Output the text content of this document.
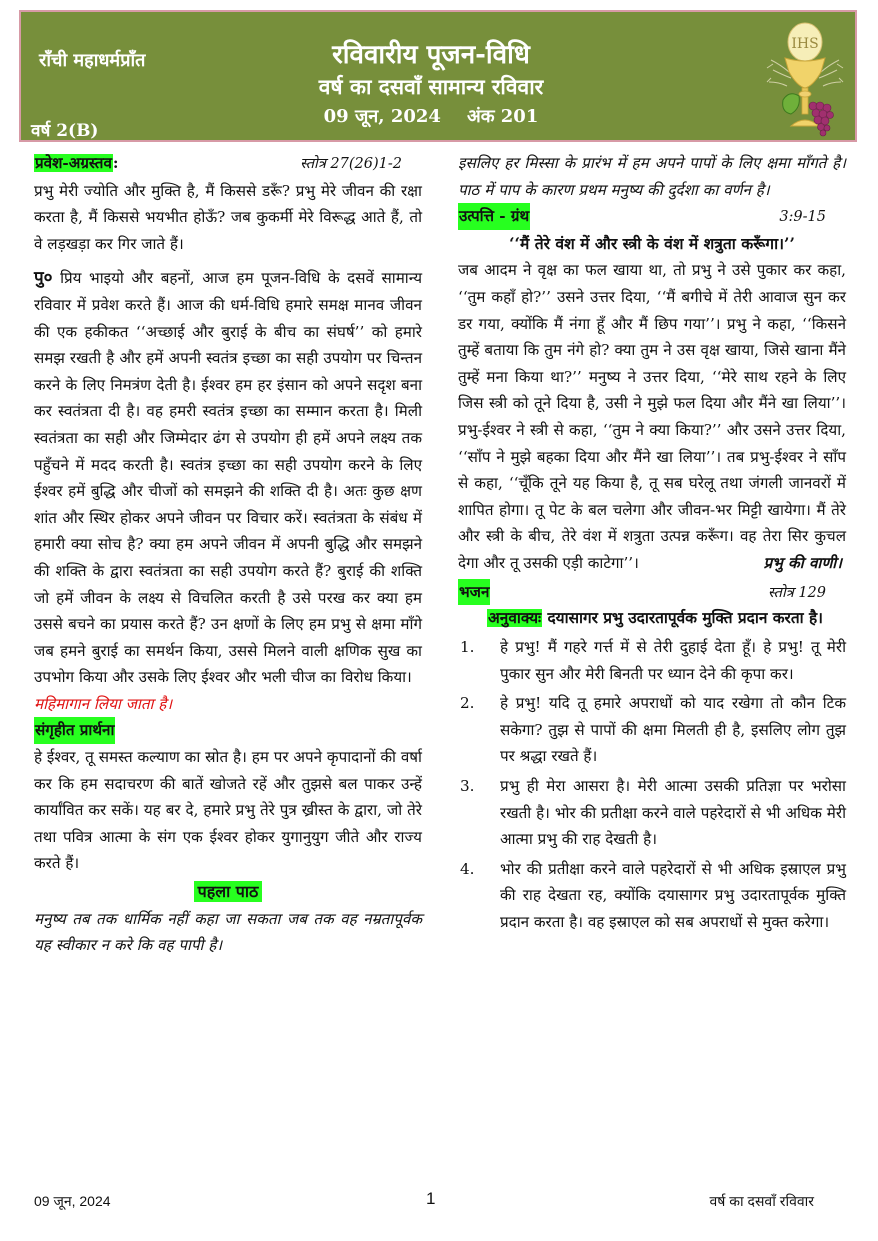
राँची महाधर्मप्राँत
वर्ष 2(B)
रविवारीय पूजन-विधि
वर्ष का दसवाँ सामान्य रविवार
09 जून, 2024 अंक 201
IHS
प्रवेश-अग्रस्तव:	स्तोत्र 27(26)1-2

प्रभु मेरी ज्योति और मुक्ति है, मैं किससे डरूँ? प्रभु मेरे जीवन की रक्षा करता है, मैं किससे भयभीत होऊँ? जब कुकर्मी मेरे विरूद्ध आते हैं, तो वे लड़खड़ा कर गिर जाते हैं।

पु० प्रिय भाइयो और बहनों, आज हम पूजन-विधि के दसवें सामान्य रविवार में प्रवेश करते हैं। आज की धर्म-विधि हमारे समक्ष मानव जीवन की एक हकीकत ‘‘अच्छाई और बुराई के बीच का संघर्ष’’ को हमारे समझ रखती है और हमें अपनी स्वतंत्र इच्छा का सही उपयोग पर चिन्तन करने के लिए निमत्रंण देती है। ईश्वर हम हर इंसान को अपने सदृश बना कर स्वतंत्रता दी है। वह हमरी स्वतंत्र इच्छा का सम्मान करता है। मिली स्वतंत्रता का सही और जिम्मेदार ढंग से उपयोग ही हमें अपने लक्ष्य तक पहुँचने में मदद करती है। स्वतंत्र इच्छा का सही उपयोग करने के लिए ईश्वर हमें बुद्धि और चीजों को समझने की शक्ति दी है। अतः कुछ क्षण शांत और स्थिर होकर अपने जीवन पर विचार करें। स्वतंत्रता के संबंध में हमारी क्या सोच है? क्या हम अपने जीवन में अपनी बुद्धि और समझने की शक्ति के द्वारा स्वतंत्रता का सही उपयोग करते हैं? बुराई की शक्ति जो हमें जीवन के लक्ष्य से विचलित करती है उसे परख कर क्या हम उससे बचने का प्रयास करते हैं? उन क्षणों के लिए हम प्रभु से क्षमा माँगे जब हमने बुराई का समर्थन किया, उससे मिलने वाली क्षणिक सुख का उपभोग किया और उसके लिए ईश्वर और भली चीज का विरोध किया।

महिमागान लिया जाता है।

संगृहीत प्रार्थना

हे ईश्वर, तू समस्त कल्याण का स्रोत है। हम पर अपने कृपादानों की वर्षा कर कि हम सदाचरण की बातें खोजते रहें और तुझसे बल पाकर उन्हें कार्यांवित कर सकें। यह बर दे, हमारे प्रभु तेरे पुत्र ख्रीस्त के द्वारा, जो तेरे तथा पवित्र आत्मा के संग एक ईश्वर होकर युगानुयुग जीते और राज्य करते हैं।

पहला पाठ

मनुष्य तब तक धार्मिक नहीं कहा जा सकता जब तक वह नम्रतापूर्वक यह स्वीकार न करे कि वह पापी है।

इसलिए हर मिस्सा के प्रारंभ में हम अपने पापों के लिए क्षमा माँगते है। पाठ में पाप के कारण प्रथम मनुष्य की दुर्दशा का वर्णन है।

उत्पत्ति - ग्रंथ	3:9-15
‘‘मैं तेरे वंश में और स्त्री के वंश में शत्रुता करूँगा।’’

जब आदम ने वृक्ष का फल खाया था, तो प्रभु ने उसे पुकार कर कहा, ‘‘तुम कहाँ हो?’’ उसने उत्तर दिया, ‘‘मैं बगीचे में तेरी आवाज सुन कर डर गया, क्योंकि मैं नंगा हूँ और मैं छिप गया’’। प्रभु ने कहा, ‘‘किसने तुम्हें बताया कि तुम नंगे हो? क्या तुम ने उस वृक्ष खाया, जिसे खाना मैंने तुम्हें मना किया था?’’ मनुष्य ने उत्तर दिया, ‘‘मेरे साथ रहने के लिए जिस स्त्री को तूने दिया है, उसी ने मुझे फल दिया और मैंने खा लिया’’। प्रभु-ईश्वर ने स्त्री से कहा, ‘‘तुम ने क्या किया?’’ और उसने उत्तर दिया, ‘‘साँप ने मुझे बहका दिया और मैंने खा लिया’’। तब प्रभु-ईश्वर ने साँप से कहा, ‘‘चूँकि तूने यह किया है, तू सब घरेलू तथा जंगली जानवरों में शापित होगा। तू पेट के बल चलेगा और जीवन-भर मिट्टी खायेगा। मैं तेरे और स्त्री के बीच, तेरे वंश में शत्रुता उत्पन्न करूँग। वह तेरा सिर कुचल देगा और तू उसकी एड़ी काटेगा’’।	प्रभु की वाणी।

भजन	स्तोत्र 129
अनुवाक्यः दयासागर प्रभु उदारतापूर्वक मुक्ति प्रदान करता है।
1.	हे प्रभु! मैं गहरे गर्त्त में से तेरी दुहाई देता हूँ। हे प्रभु! तू मेरी पुकार सुन और मेरी बिनती पर ध्यान देने की कृपा कर।
2.	हे प्रभु! यदि तू हमारे अपराधों को याद रखेगा तो कौन टिक सकेगा? तुझ से पापों की क्षमा मिलती ही है, इसलिए लोग तुझ पर श्रद्धा रखते हैं।
3.	प्रभु ही मेरा आसरा है। मेरी आत्मा उसकी प्रतिज्ञा पर भरोसा रखती है। भोर की प्रतीक्षा करने वाले पहरेदारों से भी अधिक मेरी आत्मा प्रभु की राह देखती है।
4.	भोर की प्रतीक्षा करने वाले पहरेदारों से भी अधिक इस्राएल प्रभु की राह देखता रह, क्योंकि दयासागर प्रभु उदारतापूर्वक मुक्ति प्रदान करता है। वह इस्राएल को सब अपराधों से मुक्त करेगा।
09 जून, 2024	1	वर्ष का दसवाँ रविवार
